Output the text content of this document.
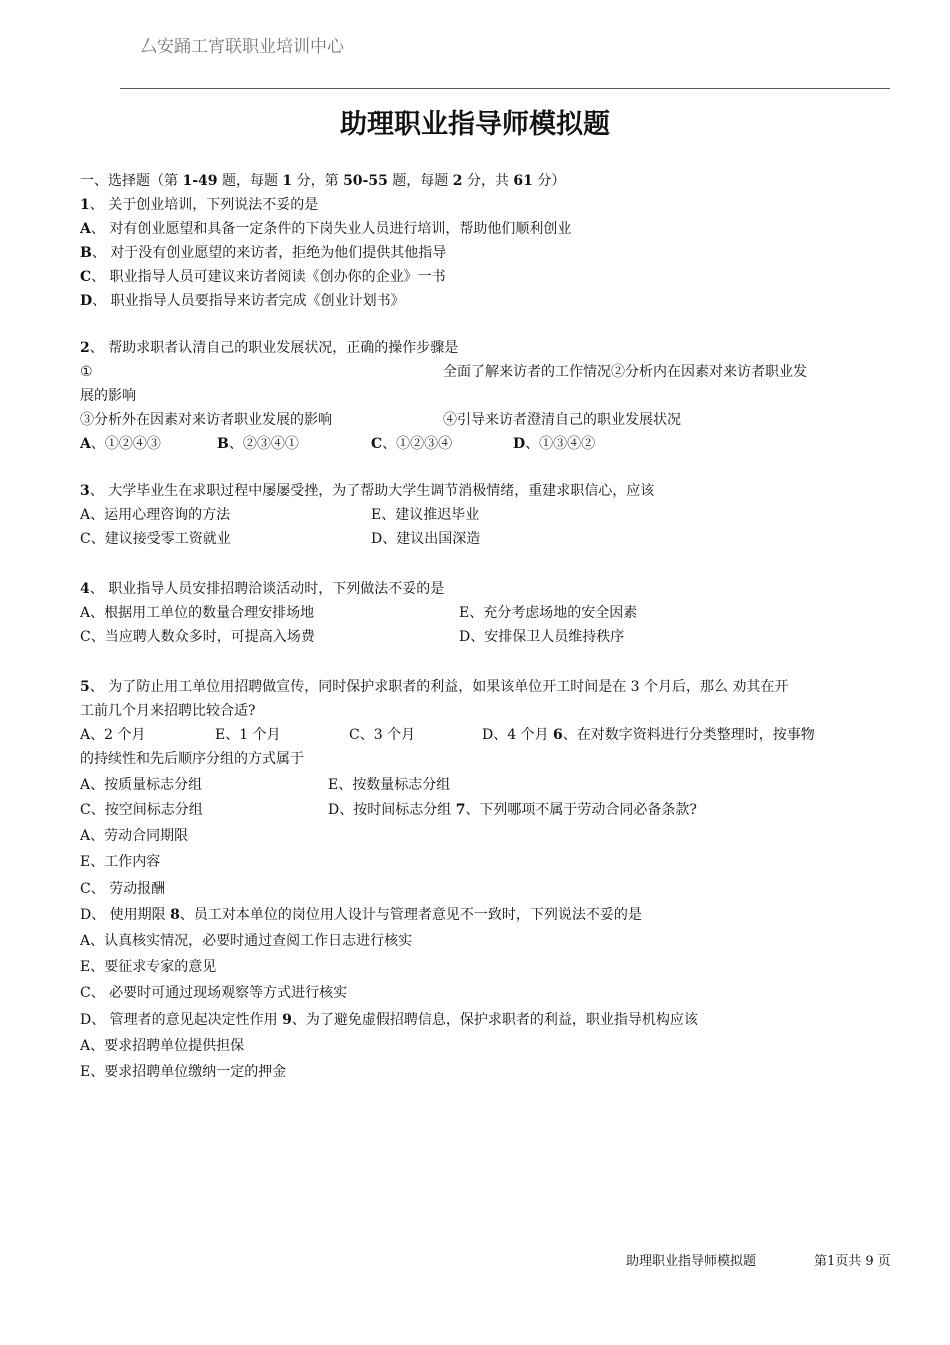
厶安踊工宵联职业培训中心
助理职业指导师模拟题
一、选择题（第 1-49 题，每题 1 分，第 50-55 题，每题 2 分，共 61 分）
1、 关于创业培训，下列说法不妥的是
A、 对有创业愿望和具备一定条件的下岗失业人员进行培训，帮助他们顺利创业
B、 对于没有创业愿望的来访者，拒绝为他们提供其他指导
C、 职业指导人员可建议来访者阅读《创办你的企业》一书
D、 职业指导人员要指导来访者完成《创业计划书》
2、 帮助求职者认清自己的职业发展状况，正确的操作步骤是
①	全面了解来访者的工作情况②分析内在因素对来访者职业发
展的影响
③分析外在因素对来访者职业发展的影响	④引导来访者澄清自己的职业发展状况
A、①②④③	B、②③④①	C、①②③④	D、①③④②
3、 大学毕业生在求职过程中屡屡受挫，为了帮助大学生调节消极情绪，重建求职信心，应该
A、运用心理咨询的方法	E、建议推迟毕业
C、建议接受零工资就业	D、建议出国深造
4、 职业指导人员安排招聘洽谈活动时，下列做法不妥的是
A、根据用工单位的数量合理安排场地	E、充分考虑场地的安全因素
C、当应聘人数众多时，可提高入场费	D、安排保卫人员维持秩序
5、 为了防止用工单位用招聘做宣传，同时保护求职者的利益，如果该单位开工时间是在 3 个月后，那么 劝其在开
工前几个月来招聘比较合适?
A、2 个月	E、1 个月	C、3 个月	D、4 个月 6、在对数字资料进行分类整理时，按事物
的持续性和先后顺序分组的方式属于
A、按质量标志分组	E、按数量标志分组
C、按空间标志分组	D、按时间标志分组 7、下列哪项不属于劳动合同必备条款?
A、劳动合同期限
E、工作内容
C、 劳动报酬
D、 使用期限 8、员工对本单位的岗位用人设计与管理者意见不一致时，下列说法不妥的是
A、认真核实情况，必要时通过查阅工作日志进行核实
E、要征求专家的意见
C、 必要时可通过现场观察等方式进行核实
D、 管理者的意见起决定性作用 9、为了避免虚假招聘信息，保护求职者的利益，职业指导机构应该
A、要求招聘单位提供担保
E、要求招聘单位缴纳一定的押金
助理职业指导师模拟题	第1页共 9 页
